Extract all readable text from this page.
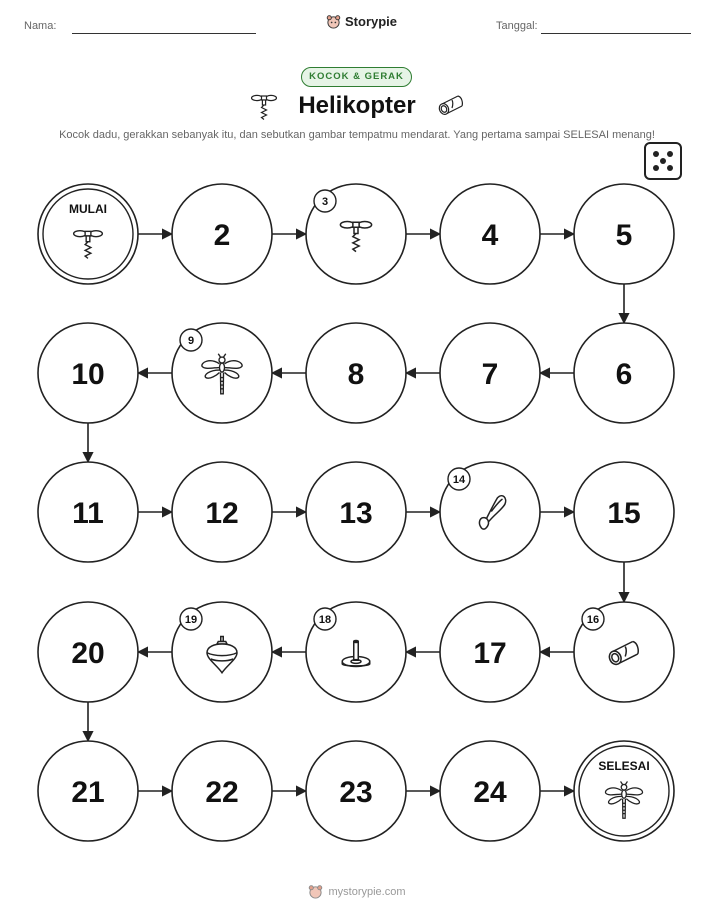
Nama:	Storypie	Tanggal:
KOCOK & GERAK
Helikopter
Kocok dadu, gerakkan sebanyak itu, dan sebutkan gambar tempatmu mendarat. Yang pertama sampai SELESAI menang!
MULAI
2
3
4	5
6
7
8
9
10
11	12	13
14
15
16
17
18
19
20
21	22	23	24
SELESAI
mystorypie.com
